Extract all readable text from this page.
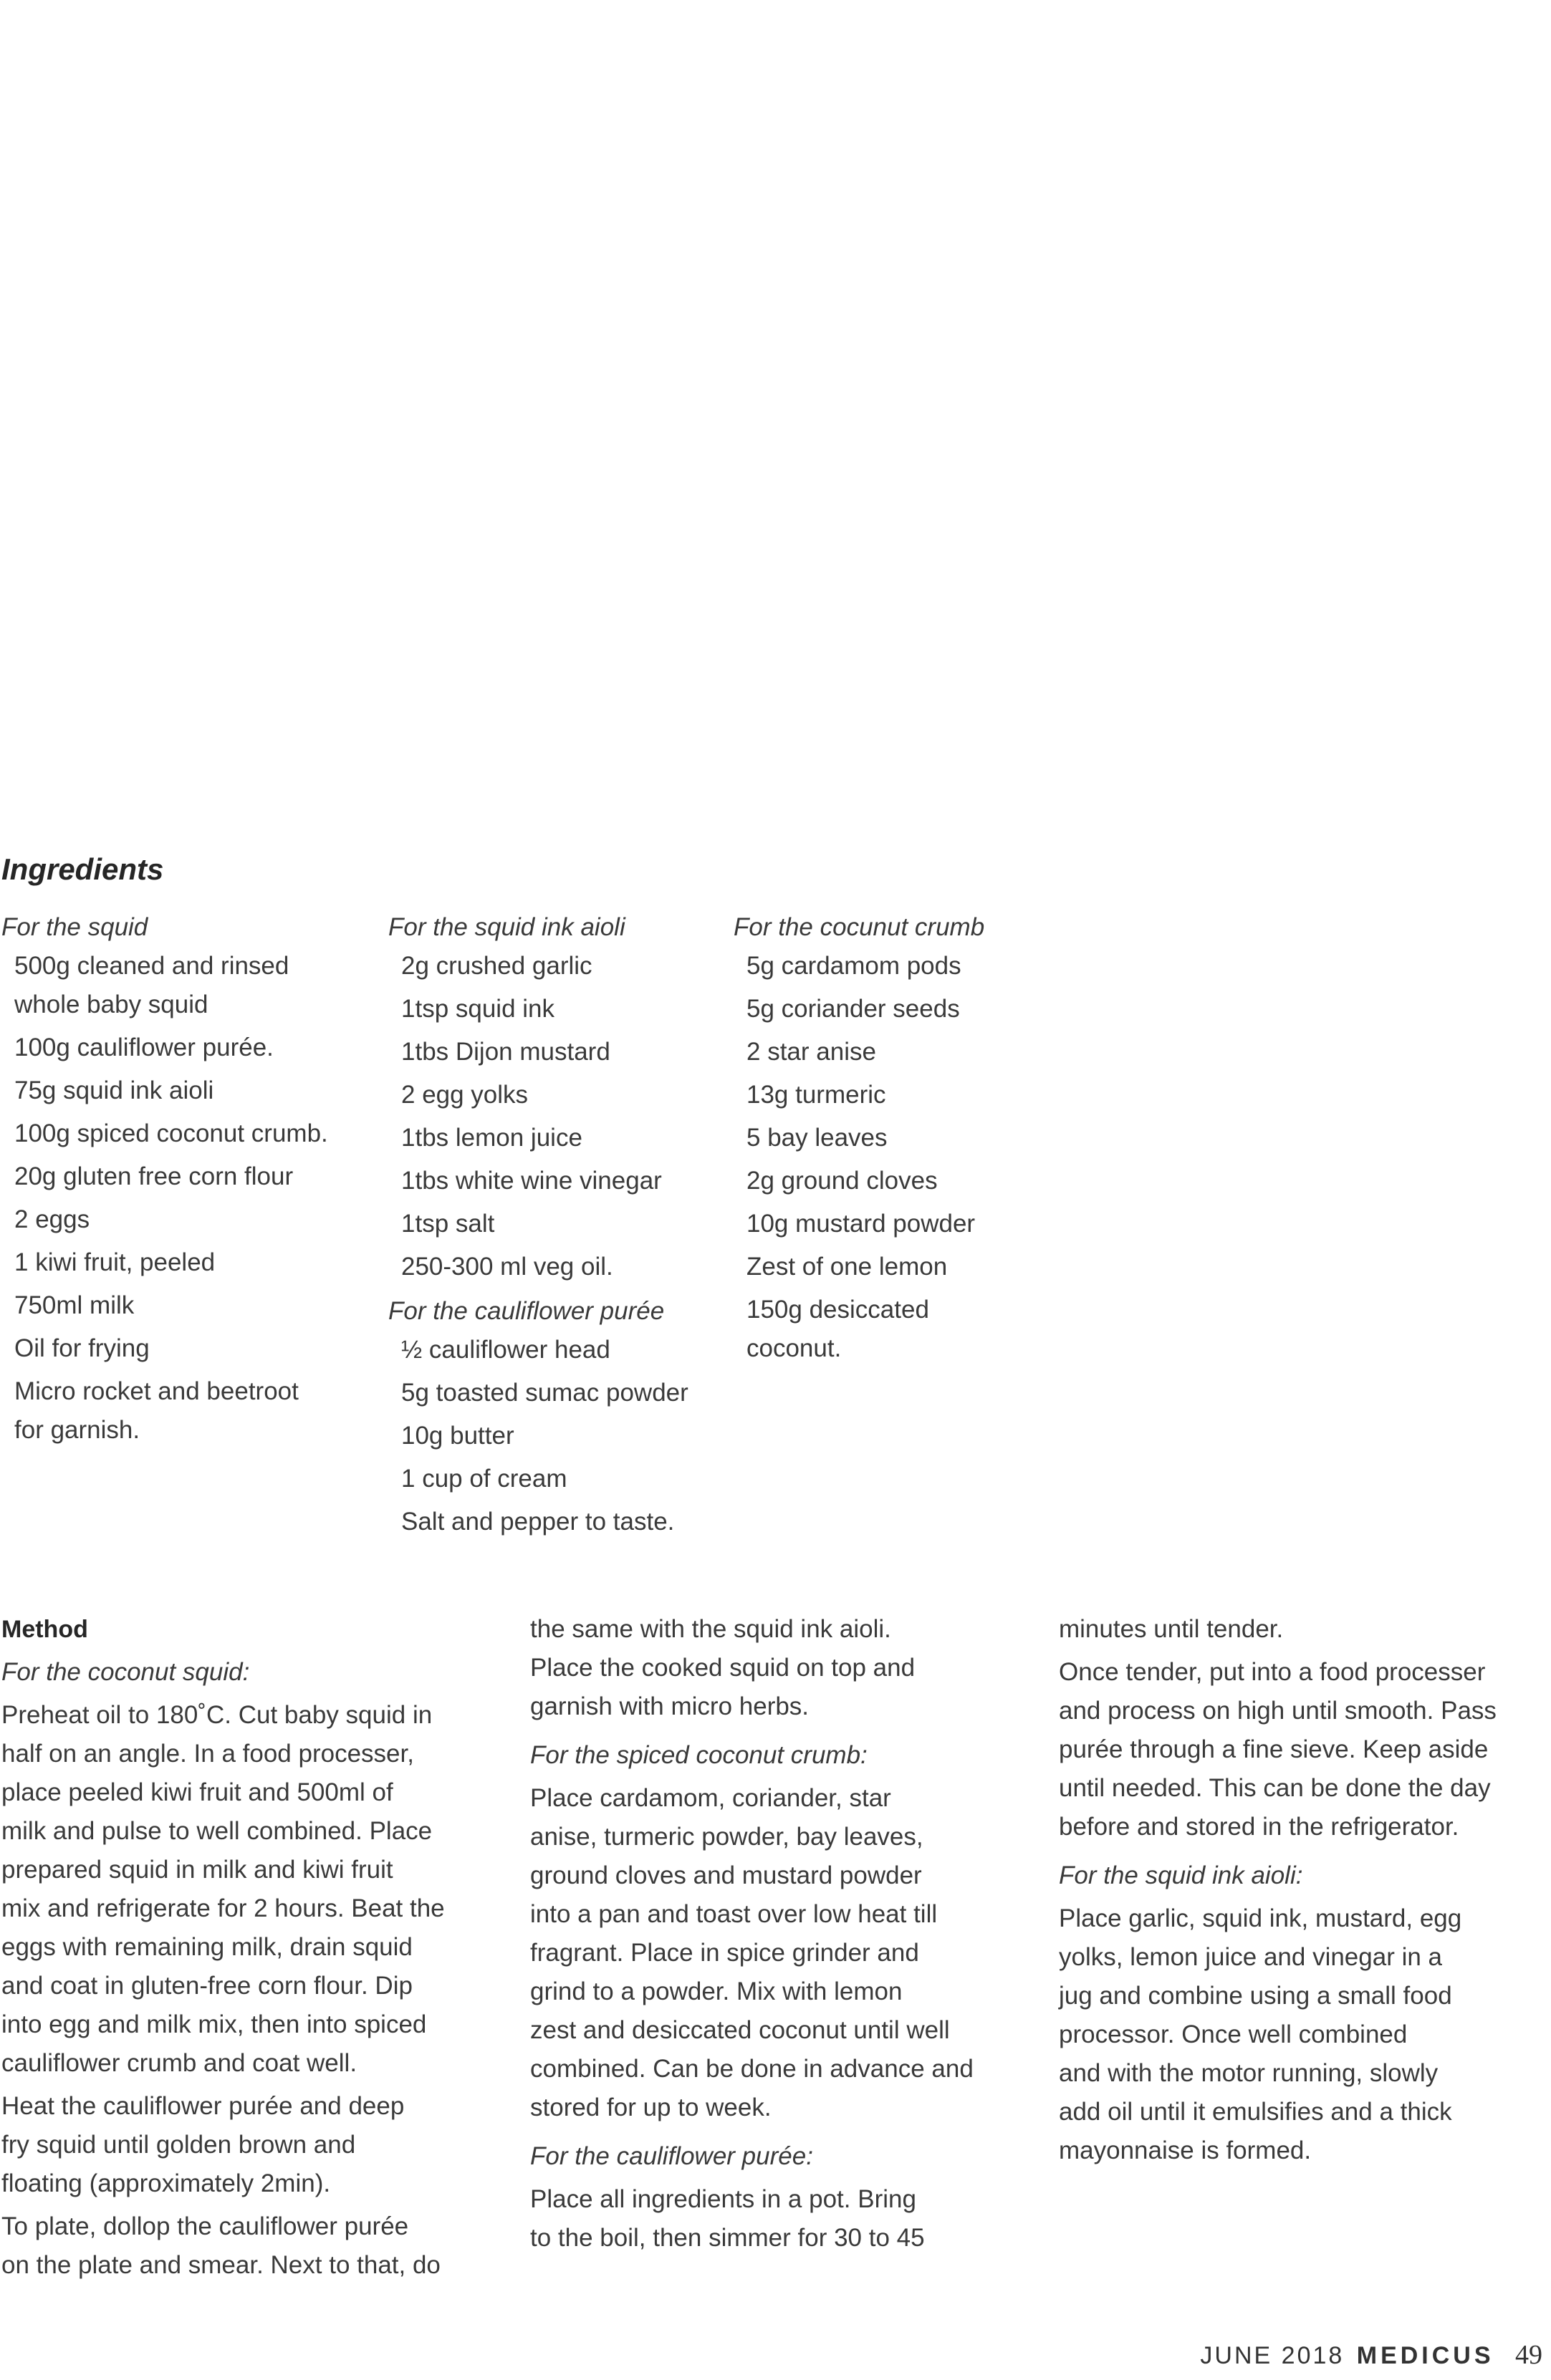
Ingredients

For the squid

500g cleaned and rinsed
whole baby squid
100g cauliflower purée.
75g squid ink aioli
100g spiced coconut crumb.
20g gluten free corn flour
2 eggs
1 kiwi fruit, peeled
750ml milk
Oil for frying
Micro rocket and beetroot
for garnish.

For the squid ink aioli

2g crushed garlic
1tsp squid ink
1tbs Dijon mustard
2 egg yolks
1tbs lemon juice
1tbs white wine vinegar
1tsp salt
250-300 ml veg oil.

For the cauliflower purée

½ cauliflower head
5g toasted sumac powder
10g butter
1 cup of cream
Salt and pepper to taste.

For the cocunut crumb

5g cardamom pods
5g coriander seeds
2 star anise
13g turmeric
5 bay leaves
2g ground cloves
10g mustard powder
Zest of one lemon
150g desiccated
coconut.

Method

For the coconut squid:

Preheat oil to 180˚C. Cut baby squid in
half on an angle. In a food processer,
place peeled kiwi fruit and 500ml of
milk and pulse to well combined. Place
prepared squid in milk and kiwi fruit
mix and refrigerate for 2 hours. Beat the
eggs with remaining milk, drain squid
and coat in gluten-free corn flour. Dip
into egg and milk mix, then into spiced
cauliflower crumb and coat well.

Heat the cauliflower purée and deep
fry squid until golden brown and
floating (approximately 2min).

To plate, dollop the cauliflower purée
on the plate and smear. Next to that, do

the same with the squid ink aioli.
Place the cooked squid on top and
garnish with micro herbs.

For the spiced coconut crumb:

Place cardamom, coriander, star
anise, turmeric powder, bay leaves,
ground cloves and mustard powder
into a pan and toast over low heat till
fragrant. Place in spice grinder and
grind to a powder. Mix with lemon
zest and desiccated coconut until well
combined. Can be done in advance and
stored for up to week.

For the cauliflower purée:

Place all ingredients in a pot. Bring
to the boil, then simmer for 30 to 45

minutes until tender.

Once tender, put into a food processer
and process on high until smooth. Pass
purée through a fine sieve. Keep aside
until needed. This can be done the day
before and stored in the refrigerator.

For the squid ink aioli:

Place garlic, squid ink, mustard, egg
yolks, lemon juice and vinegar in a
jug and combine using a small food
processor. Once well combined
and with the motor running, slowly
add oil until it emulsifies and a thick
mayonnaise is formed.

JUNE 2018 MEDICUS 49
